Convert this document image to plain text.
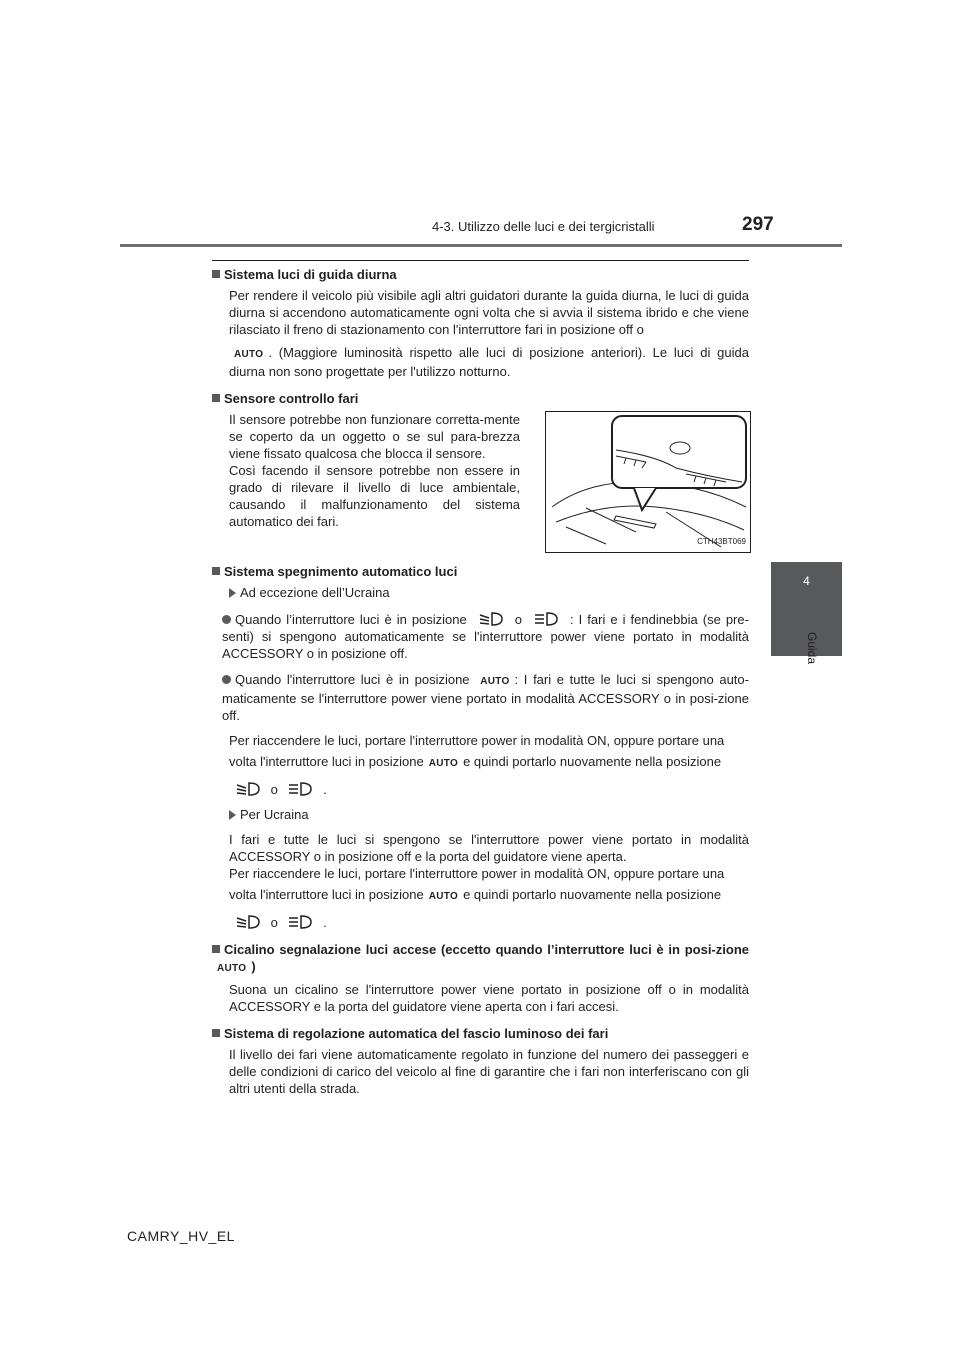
4-3. Utilizzo delle luci e dei tergicristalli	297
4
Guida
Sistema luci di guida diurna
Per rendere il veicolo più visibile agli altri guidatori durante la guida diurna, le luci di guida diurna si accendono automaticamente ogni volta che si avvia il sistema ibrido e che viene rilasciato il freno di stazionamento con l'interruttore fari in posizione off o
AUTO . (Maggiore luminosità rispetto alle luci di posizione anteriori). Le luci di guida diurna non sono progettate per l'utilizzo notturno.
Sensore controllo fari
Il sensore potrebbe non funzionare corretta-mente se coperto da un oggetto o se sul para-brezza viene fissato qualcosa che blocca il sensore.
Così facendo il sensore potrebbe non essere in grado di rilevare il livello di luce ambientale, causando il malfunzionamento del sistema automatico dei fari.
CTH43BT069
Sistema spegnimento automatico luci
Ad eccezione dell’Ucraina
Quando l’interruttore luci è in posizione	o	: I fari e i fendinebbia (se pre-senti) si spengono automaticamente se l'interruttore power viene portato in modalità ACCESSORY o in posizione off.
Quando l'interruttore luci è in posizione AUTO : I fari e tutte le luci si spengono auto-maticamente se l'interruttore power viene portato in modalità ACCESSORY o in posi-zione off.
Per riaccendere le luci, portare l'interruttore power in modalità ON, oppure portare una

volta l'interruttore luci in posizione AUTO e quindi portarlo nuovamente nella posizione

o	.
Per Ucraina
I fari e tutte le luci si spengono se l'interruttore power viene portato in modalità ACCESSORY o in posizione off e la porta del guidatore viene aperta.
Per riaccendere le luci, portare l'interruttore power in modalità ON, oppure portare una

volta l'interruttore luci in posizione AUTO e quindi portarlo nuovamente nella posizione

o	.
Cicalino segnalazione luci accese (eccetto quando l’interruttore luci è in posi-zioneAUTO )
Suona un cicalino se l'interruttore power viene portato in posizione off o in modalità ACCESSORY e la porta del guidatore viene aperta con i fari accesi.
Sistema di regolazione automatica del fascio luminoso dei fari
Il livello dei fari viene automaticamente regolato in funzione del numero dei passeggeri e delle condizioni di carico del veicolo al fine di garantire che i fari non interferiscano con gli altri utenti della strada.
CAMRY_HV_EL
